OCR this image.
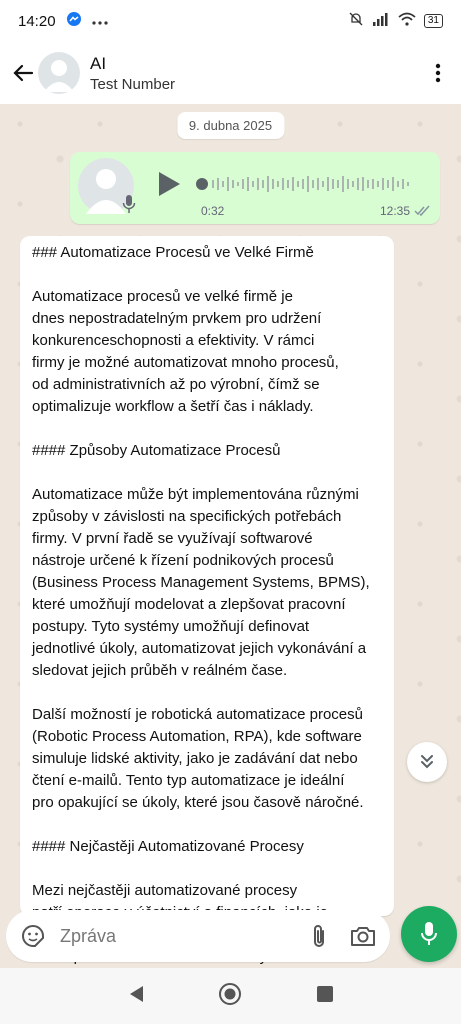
14:20	31
AI
Test Number
9. dubna 2025
0:32	12:35

### Automatizace Procesů ve Velké Firmě

Automatizace procesů ve velké firmě je
dnes nepostradatelným prvkem pro udržení
konkurenceschopnosti a efektivity. V rámci
firmy je možné automatizovat mnoho procesů,
od administrativních až po výrobní, čímž se
optimalizuje workflow a šetří čas i náklady.

#### Způsoby Automatizace Procesů

Automatizace může být implementována různými
způsoby v závislosti na specifických potřebách
firmy. V první řadě se využívají softwarové
nástroje určené k řízení podnikových procesů
(Business Process Management Systems, BPMS),
které umožňují modelovat a zlepšovat pracovní
postupy. Tyto systémy umožňují definovat
jednotlivé úkoly, automatizovat jejich vykonávání a
sledovat jejich průběh v reálném čase.

Další možností je robotická automatizace procesů
(Robotic Process Automation, RPA), kde software
simuluje lidské aktivity, jako je zadávání dat nebo
čtení e-mailů. Tento typ automatizace je ideální
pro opakující se úkoly, které jsou časově náročné.

#### Nejčastěji Automatizované Procesy

Mezi nejčastěji automatizované procesy

Zpráva
